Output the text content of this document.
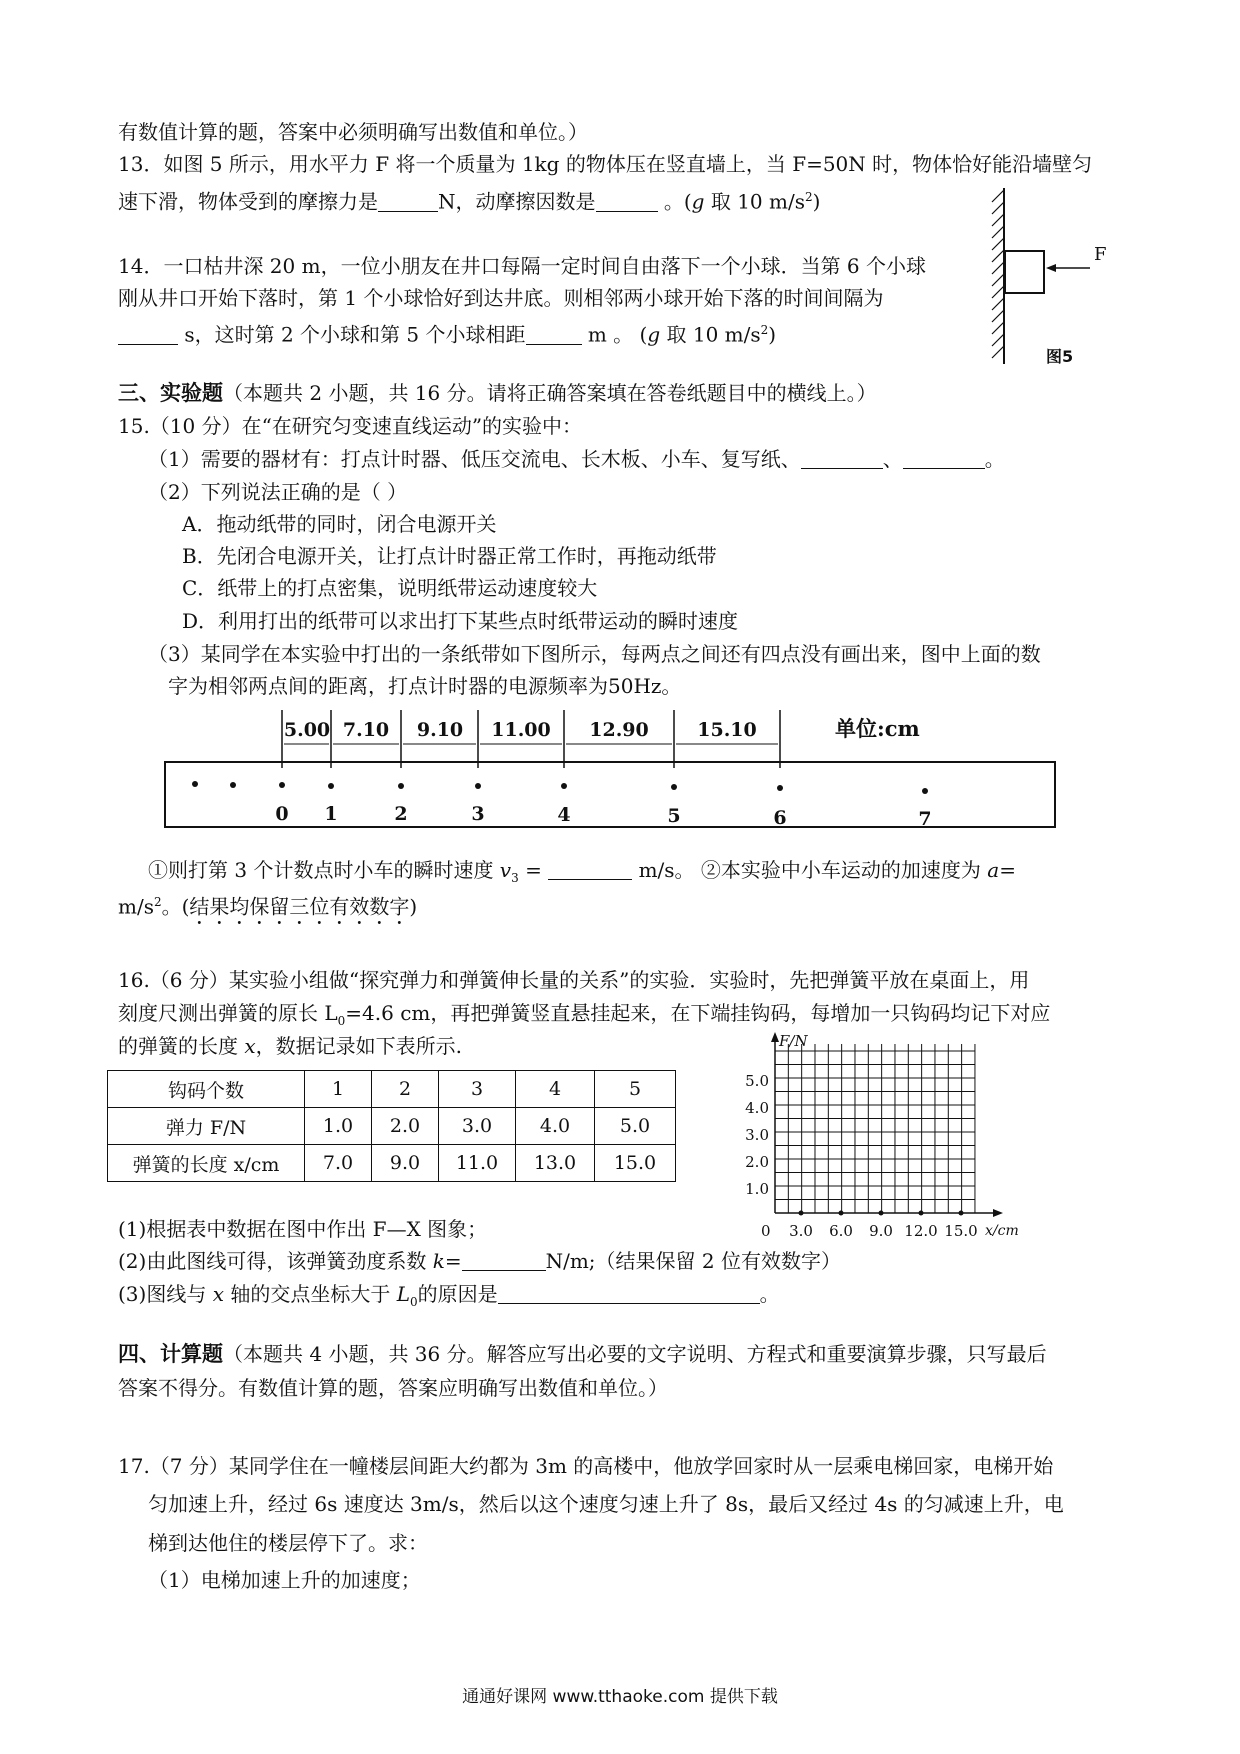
有数值计算的题，答案中必须明确写出数值和单位。）
13．如图 5 所示，用水平力 F 将一个质量为 1kg 的物体压在竖直墙上，当 F=50N 时，物体恰好能沿墙壁匀
速下滑，物体受到的摩擦力是	N，动摩擦因数是	。(g 取 10 $m/s^2$)
F
图5
14．一口枯井深 20 m，一位小朋友在井口每隔一定时间自由落下一个小球．当第 6 个小球
刚从井口开始下落时，第 1 个小球恰好到达井底。则相邻两小球开始下落的时间间隔为
s，这时第 2 个小球和第 5 个小球相距	m 。 (g 取 10 $m/s^2$)
三、实验题（本题共 2 小题，共 16 分。请将正确答案填在答卷纸题目中的横线上。）
15.（10 分）在“在研究匀变速直线运动”的实验中：
（1）需要的器材有：打点计时器、低压交流电、长木板、小车、复写纸、	、	。
（2）下列说法正确的是（ ）
A．拖动纸带的同时，闭合电源开关
B．先闭合电源开关，让打点计时器正常工作时，再拖动纸带
C．纸带上的打点密集，说明纸带运动速度较大
D．利用打出的纸带可以求出打下某些点时纸带运动的瞬时速度
（3）某同学在本实验中打出的一条纸带如下图所示，每两点之间还有四点没有画出来，图中上面的数
字为相邻两点间的距离，打点计时器的电源频率为50Hz。
5.00 7.10 9.10 11.00 12.90	15.10	单位:cm
0 1	2	3	4	5	6	7
①则打第 3 个计数点时小车的瞬时速度 $v_3$ =	m/s。 ②本实验中小车运动的加速度为 a=
$m/s^2$。(结果均保留三位有效数字)
16.（6 分）某实验小组做“探究弹力和弹簧伸长量的关系”的实验．实验时，先把弹簧平放在桌面上，用
刻度尺测出弹簧的原长 $L_0=4.6$ cm，再把弹簧竖直悬挂起来，在下端挂钩码，每增加一只钩码均记下对应
的弹簧的长度 x，数据记录如下表所示.
钩码个数	1	2	3	4	5
弹力 F/N	1.0	2.0	3.0	4.0	5.0
弹簧的长度 x/cm	7.0	9.0	11.0	13.0	15.0
F/N
x/cm
0
1.0
2.0
3.0
4.0
5.0
3.0 6.0 9.0 12.0 15.0
(1)根据表中数据在图中作出 F—X 图象；
(2)由此图线可得，该弹簧劲度系数 k=	N/m;（结果保留 2 位有效数字）
(3)图线与 x 轴的交点坐标大于 $L_0$的原因是	。
四、计算题（本题共 4 小题，共 36 分。解答应写出必要的文字说明、方程式和重要演算步骤，只写最后
答案不得分。有数值计算的题，答案应明确写出数值和单位。）
17.（7 分）某同学住在一幢楼层间距大约都为 3m 的高楼中，他放学回家时从一层乘电梯回家，电梯开始
匀加速上升，经过 6s 速度达 3m/s，然后以这个速度匀速上升了 8s，最后又经过 4s 的匀减速上升，电
梯到达他住的楼层停下了。求：
（1）电梯加速上升的加速度；
通通好课网 www.tthaoke.com 提供下载
